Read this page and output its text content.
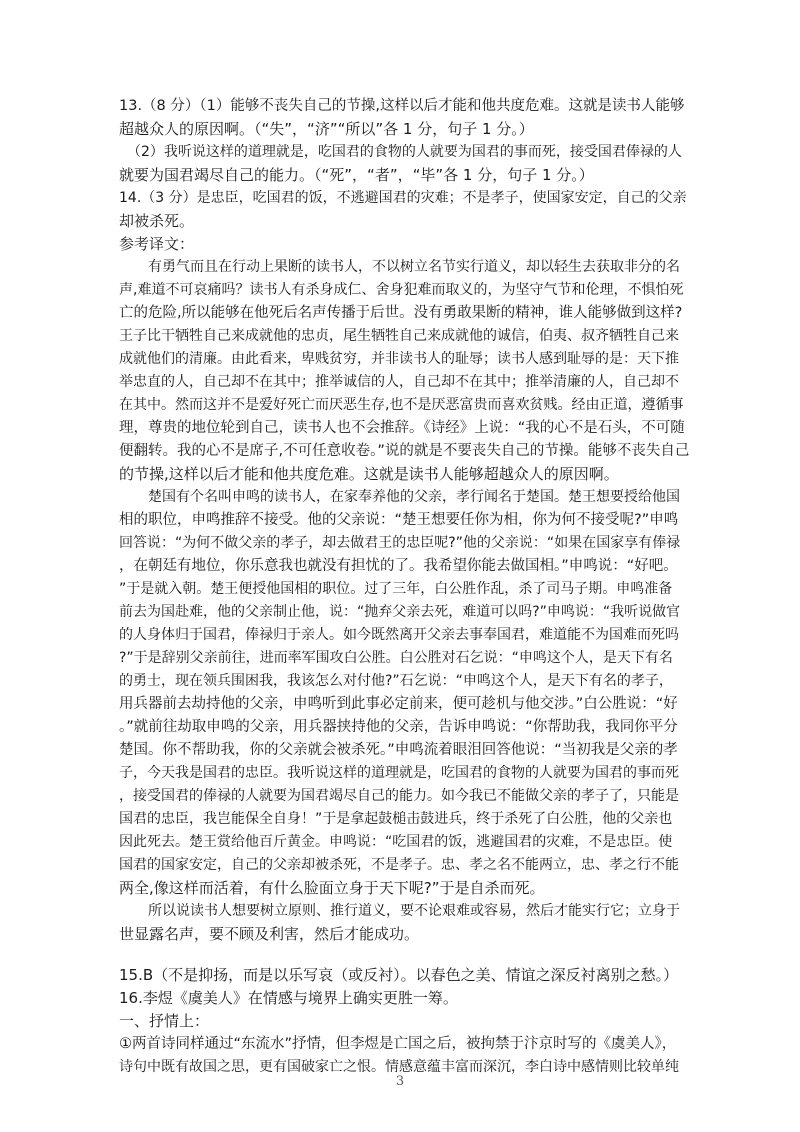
13.（8 分）（1）能够不丧失自己的节操,这样以后才能和他共度危难。这就是读书人能够

超越众人的原因啊。（“失”，“济”“所以”各 1 分，句子 1 分。）

（2）我听说这样的道理就是，吃国君的食物的人就要为国君的事而死，接受国君俸禄的人

就要为国君竭尽自己的能力。（“死”，“者”，“毕”各 1 分，句子 1 分。）

14.（3 分）是忠臣，吃国君的饭，不逃避国君的灾难；不是孝子，使国家安定，自己的父亲

却被杀死。

参考译文：

有勇气而且在行动上果断的读书人，不以树立名节实行道义，却以轻生去获取非分的名

声,难道不可哀痛吗？读书人有杀身成仁、舍身犯难而取义的，为坚守气节和伦理，不惧怕死

亡的危险,所以能够在他死后名声传播于后世。没有勇敢果断的精神，谁人能够做到这样?

王子比干牺牲自己来成就他的忠贞，尾生牺牲自己来成就他的诚信，伯夷、叔齐牺牲自己来

成就他们的清廉。由此看来，卑贱贫穷，并非读书人的耻辱；读书人感到耻辱的是：天下推

举忠直的人，自己却不在其中；推举诚信的人，自己却不在其中；推举清廉的人，自己却不

在其中。然而这并不是爱好死亡而厌恶生存,也不是厌恶富贵而喜欢贫贱。经由正道，遵循事

理，尊贵的地位轮到自己，读书人也不会推辞。《诗经》上说：“我的心不是石头，不可随

便翻转。我的心不是席子,不可任意收卷。”说的就是不要丧失自己的节操。能够不丧失自己

的节操,这样以后才能和他共度危难。这就是读书人能够超越众人的原因啊。

楚国有个名叫申鸣的读书人，在家奉养他的父亲，孝行闻名于楚国。楚王想要授给他国

相的职位，申鸣推辞不接受。他的父亲说：“楚王想要任你为相，你为何不接受呢?”申鸣

回答说：“为何不做父亲的孝子，却去做君王的忠臣呢?”他的父亲说：“如果在国家享有俸禄

，在朝廷有地位，你乐意我也就没有担忧的了。我希望你能去做国相。”申鸣说：“好吧。

”于是就入朝。楚王便授他国相的职位。过了三年，白公胜作乱，杀了司马子期。申鸣准备

前去为国赴难，他的父亲制止他，说：“抛弃父亲去死，难道可以吗?”申鸣说：“我听说做官

的人身体归于国君，俸禄归于亲人。如今既然离开父亲去事奉国君，难道能不为国难而死吗

?”于是辞别父亲前往，进而率军围攻白公胜。白公胜对石乞说：“申鸣这个人，是天下有名

的勇士，现在领兵围困我，我该怎么对付他?”石乞说：“申鸣这个人，是天下有名的孝子，

用兵器前去劫持他的父亲，申鸣听到此事必定前来，便可趁机与他交涉。”白公胜说：“好

。”就前往劫取申鸣的父亲，用兵器挟持他的父亲，告诉申鸣说：“你帮助我，我同你平分

楚国。你不帮助我，你的父亲就会被杀死。”申鸣流着眼泪回答他说：“当初我是父亲的孝

子，今天我是国君的忠臣。我听说这样的道理就是，吃国君的食物的人就要为国君的事而死

，接受国君的俸禄的人就要为国君竭尽自己的能力。如今我已不能做父亲的孝子了，只能是

国君的忠臣，我岂能保全自身！”于是拿起鼓槌击鼓进兵，终于杀死了白公胜，他的父亲也

因此死去。楚王赏给他百斤黄金。申鸣说：“吃国君的饭，逃避国君的灾难，不是忠臣。使

国君的国家安定，自己的父亲却被杀死，不是孝子。忠、孝之名不能两立，忠、孝之行不能

两全,像这样而活着，有什么脸面立身于天下呢?”于是自杀而死。

所以说读书人想要树立原则、推行道义，要不论艰难或容易，然后才能实行它；立身于

世显露名声，要不顾及利害，然后才能成功。

15.B（不是抑扬，而是以乐写哀（或反衬）。以春色之美、情谊之深反衬离别之愁。）

16.李煜《虞美人》在情感与境界上确实更胜一筹。

一、抒情上：

①两首诗同样通过“东流水”抒情，但李煜是亡国之后，被拘禁于汴京时写的《虞美人》，

诗句中既有故国之思，更有国破家亡之恨。情感意蕴丰富而深沉，李白诗中感情则比较单纯

3
